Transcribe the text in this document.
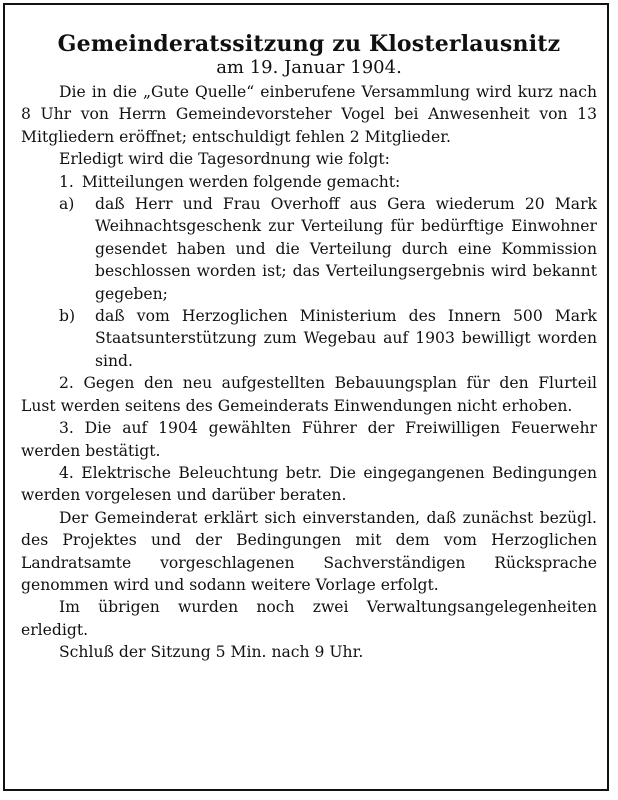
Gemeinderatssitzung zu Klosterlausnitz
am 19. Januar 1904.
Die in die „Gute Quelle“ einberufene Versammlung wird kurz nach 8 Uhr von Herrn Gemeindevorsteher Vogel bei Anwesenheit von 13 Mitgliedern eröffnet; entschuldigt fehlen 2 Mitglieder.
Erledigt wird die Tagesordnung wie folgt:
1. Mitteilungen werden folgende gemacht:
a)	daß Herr und Frau Overhoff aus Gera wiederum 20 Mark Weihnachtsgeschenk zur Verteilung für bedürftige Einwohner gesendet haben und die Verteilung durch eine Kommission beschlossen worden ist; das Verteilungsergebnis wird bekannt gegeben;
b)	daß vom Herzoglichen Ministerium des Innern 500 Mark Staatsunterstützung zum Wegebau auf 1903 bewilligt worden sind.
2. Gegen den neu aufgestellten Bebauungsplan für den Flurteil Lust werden seitens des Gemeinderats Einwendungen nicht erhoben.
3. Die auf 1904 gewählten Führer der Freiwilligen Feuerwehr werden bestätigt.
4. Elektrische Beleuchtung betr. Die eingegangenen Bedingungen werden vorgelesen und darüber beraten.
Der Gemeinderat erklärt sich einverstanden, daß zunächst bezügl. des Projektes und der Bedingungen mit dem vom Herzoglichen Landratsamte vorgeschlagenen Sachverständigen Rücksprache genommen wird und sodann weitere Vorlage erfolgt.
Im übrigen wurden noch zwei Verwaltungsangelegenheiten erledigt.
Schluß der Sitzung 5 Min. nach 9 Uhr.
